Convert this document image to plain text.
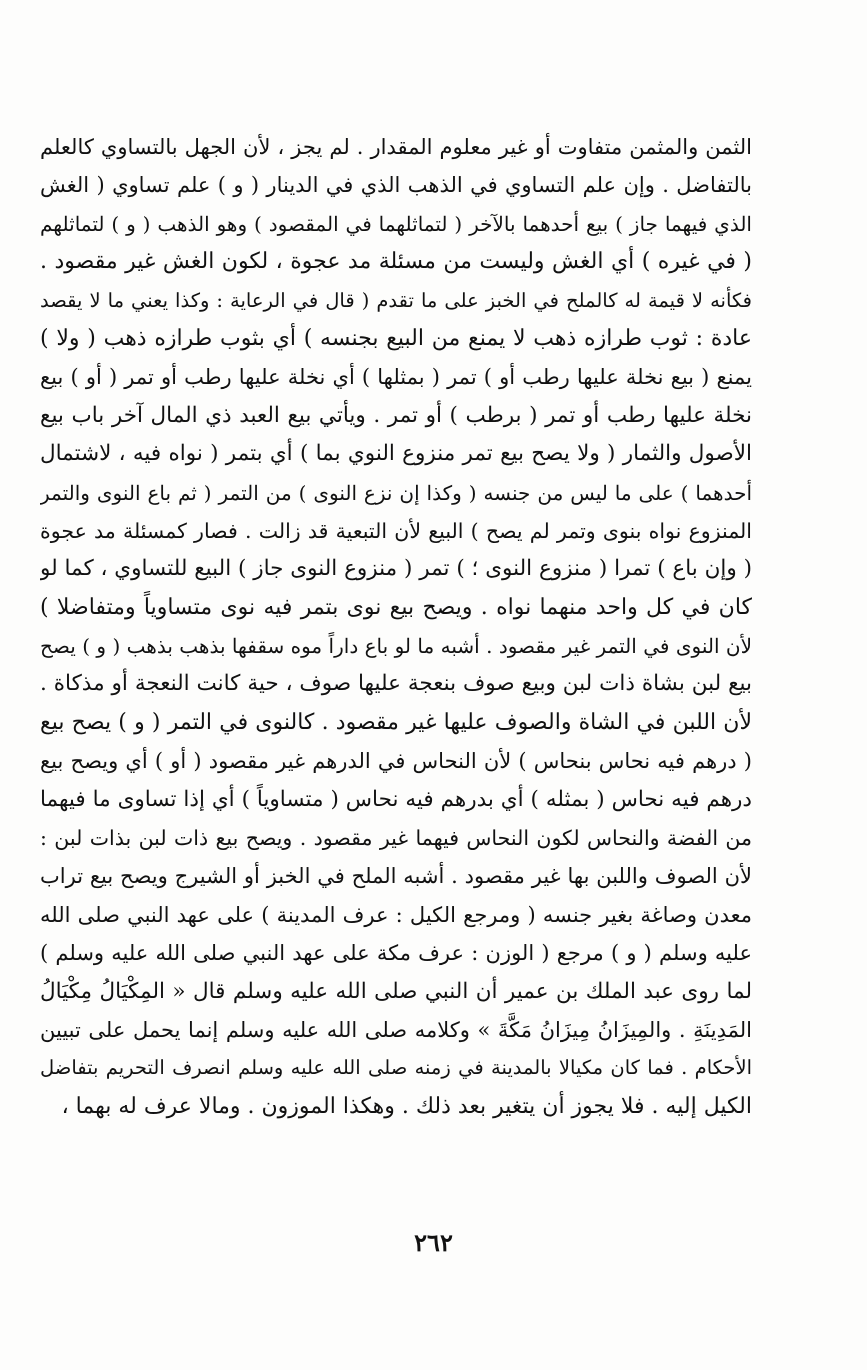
الثمن والمثمن متفاوت أو غير معلوم المقدار . لم يجز ، لأن الجهل بالتساوي كالعلم
بالتفاضل . وإن علم التساوي في الذهب الذي في الدينار ( و ) علم تساوي ( الغش
الذي فيهما جاز ) بيع أحدهما بالآخر ( لتماثلهما في المقصود ) وهو الذهب ( و ) لتماثلهم
( في غيره ) أي الغش وليست من مسئلة مد عجوة ، لكون الغش غير مقصود .
فكأنه لا قيمة له كالملح في الخبز على ما تقدم ( قال في الرعاية : وكذا يعني ما لا يقصد
عادة : ثوب طرازه ذهب لا يمنع من البيع بجنسه ) أي بثوب طرازه ذهب ( ولا )
يمنع ( بيع نخلة عليها رطب أو ) تمر ( بمثلها ) أي نخلة عليها رطب أو تمر ( أو ) بيع
نخلة عليها رطب أو تمر ( برطب ) أو تمر . ويأتي بيع العبد ذي المال آخر باب بيع
الأصول والثمار ( ولا يصح بيع تمر منزوع النوي بما ) أي بتمر ( نواه فيه ، لاشتمال
أحدهما ) على ما ليس من جنسه ( وكذا إن نزع النوى ) من التمر ( ثم باع النوى والتمر
المنزوع نواه بنوى وتمر لم يصح ) البيع لأن التبعية قد زالت . فصار كمسئلة مد عجوة
( وإن باع ) تمرا ( منزوع النوى ؛ ) تمر ( منزوع النوى جاز ) البيع للتساوي ، كما لو
كان في كل واحد منهما نواه . ويصح بيع نوى بتمر فيه نوى متساوياً ومتفاضلا )
لأن النوى في التمر غير مقصود . أشبه ما لو باع داراً موه سقفها بذهب بذهب ( و ) يصح
بيع لبن بشاة ذات لبن وبيع صوف بنعجة عليها صوف ، حية كانت النعجة أو مذكاة .
لأن اللبن في الشاة والصوف عليها غير مقصود . كالنوى في التمر ( و ) يصح بيع
( درهم فيه نحاس بنحاس ) لأن النحاس في الدرهم غير مقصود ( أو ) أي ويصح بيع
درهم فيه نحاس ( بمثله ) أي بدرهم فيه نحاس ( متساوياً ) أي إذا تساوى ما فيهما
من الفضة والنحاس لكون النحاس فيهما غير مقصود . ويصح بيع ذات لبن بذات لبن :
لأن الصوف واللبن بها غير مقصود . أشبه الملح في الخبز أو الشيرج ويصح بيع تراب
معدن وصاغة بغير جنسه ( ومرجع الكيل : عرف المدينة ) على عهد النبي صلى الله
عليه وسلم ( و ) مرجع ( الوزن : عرف مكة على عهد النبي صلى الله عليه وسلم )
لما روى عبد الملك بن عمير أن النبي صلى الله عليه وسلم قال « المِكْيَالُ مِكْيَالُ
المَدِينَةِ . والمِيزَانُ مِيزَانُ مَكَّةَ » وكلامه صلى الله عليه وسلم إنما يحمل على تبيين
الأحكام . فما كان مكيالا بالمدينة في زمنه صلى الله عليه وسلم انصرف التحريم بتفاضل
الكيل إليه . فلا يجوز أن يتغير بعد ذلك . وهكذا الموزون . ومالا عرف له بهما ،
٢٦٢
